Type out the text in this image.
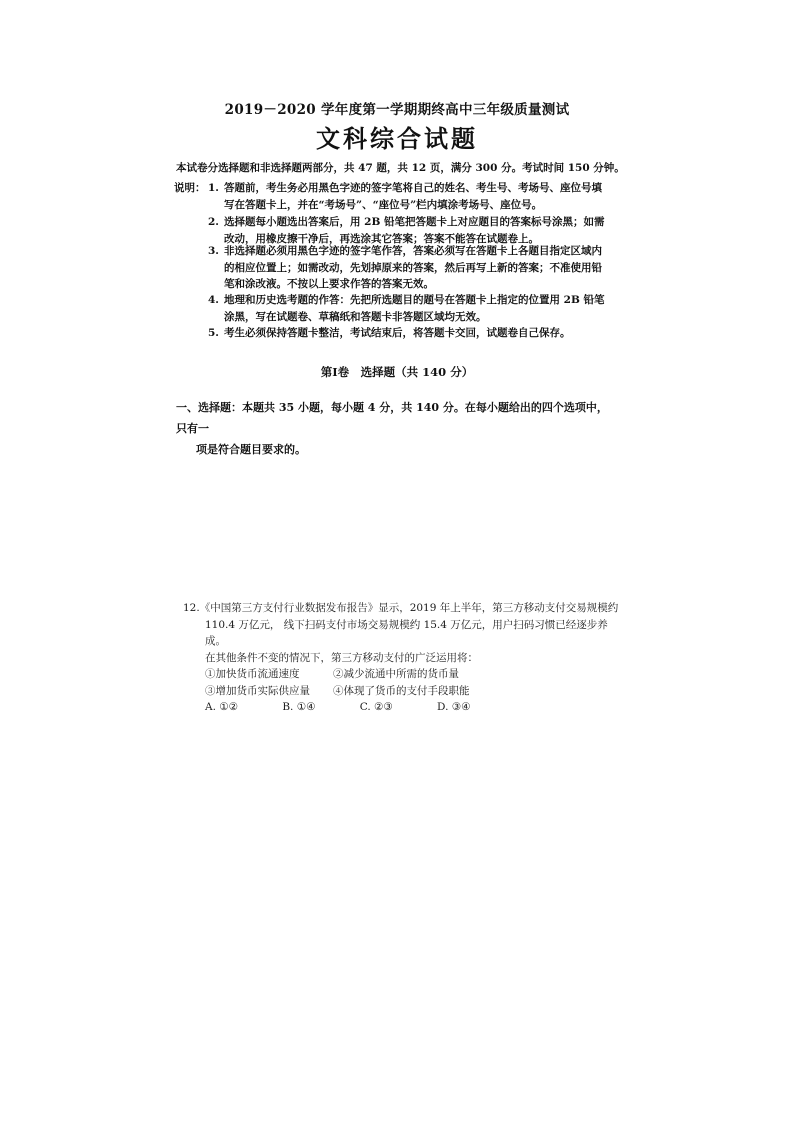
2019－2020 学年度第一学期期终高中三年级质量测试
文科综合试题
本试卷分选择题和非选择题两部分，共 47 题，共 12 页，满分 300 分。考试时间 150 分钟。
说明： 1. 答题前，考生务必用黑色字迹的签字笔将自己的姓名、考生号、考场号、座位号填
写在答题卡上，并在“考场号”、“座位号”栏内填涂考场号、座位号。
2. 选择题每小题选出答案后，用 2B 铅笔把答题卡上对应题目的答案标号涂黑；如需
改动，用橡皮擦干净后，再选涂其它答案；答案不能答在试题卷上。
3. 非选择题必须用黑色字迹的签字笔作答，答案必须写在答题卡上各题目指定区域内
的相应位置上；如需改动，先划掉原来的答案，然后再写上新的答案；不准使用铅
笔和涂改液。不按以上要求作答的答案无效。
4. 地理和历史选考题的作答：先把所选题目的题号在答题卡上指定的位置用 2B 铅笔
涂黑，写在试题卷、草稿纸和答题卡非答题区域均无效。
5. 考生必须保持答题卡整洁，考试结束后，将答题卡交回，试题卷自己保存。
第Ⅰ卷　选择题（共 140 分）
一、选择题：本题共 35 小题，每小题 4 分，共 140 分。在每小题给出的四个选项中，只有一
项是符合题目要求的。
12.《中国第三方支付行业数据发布报告》显示，2019 年上半年，第三方移动支付交易规模约
110.4 万亿元， 线下扫码支付市场交易规模约 15.4 万亿元，用户扫码习惯已经逐步养成。
在其他条件不变的情况下，第三方移动支付的广泛运用将：
①加快货币流通速度	②减少流通中所需的货币量
③增加货币实际供应量	④体现了货币的支付手段职能
A. ①②	B. ①④	C. ②③	D. ③④
